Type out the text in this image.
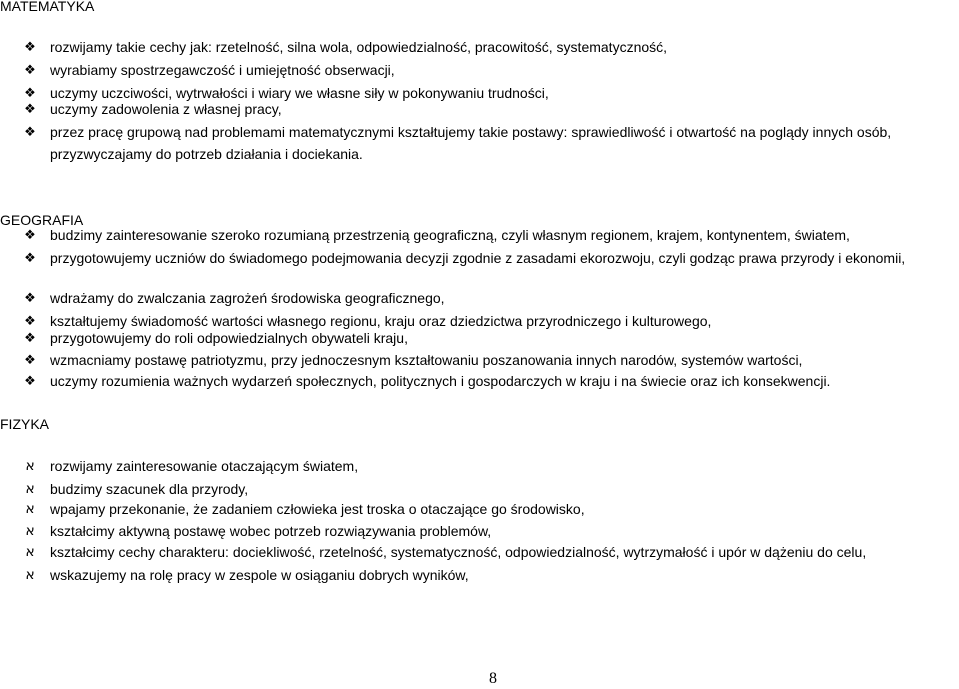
MATEMATYKA
❖ rozwijamy takie cechy jak: rzetelność, silna wola, odpowiedzialność, pracowitość, systematyczność,
❖ wyrabiamy spostrzegawczość i umiejętność obserwacji,
❖ uczymy uczciwości, wytrwałości i wiary we własne siły w pokonywaniu trudności,
❖ uczymy zadowolenia z własnej pracy,
❖ przez pracę grupową nad problemami matematycznymi kształtujemy takie postawy: sprawiedliwość i otwartość na poglądy innych osób, przyzwyczajamy do potrzeb działania i dociekania.
GEOGRAFIA
❖ budzimy zainteresowanie szeroko rozumianą przestrzenią geograficzną, czyli własnym regionem, krajem, kontynentem, światem,
❖ przygotowujemy uczniów do świadomego podejmowania decyzji zgodnie z zasadami ekorozwoju, czyli godząc prawa przyrody i ekonomii,
❖ wdrażamy do zwalczania zagrożeń środowiska geograficznego,
❖ kształtujemy świadomość wartości własnego regionu, kraju oraz dziedzictwa przyrodniczego i kulturowego,
❖ przygotowujemy do roli odpowiedzialnych obywateli kraju,
❖ wzmacniamy postawę patriotyzmu, przy jednoczesnym kształtowaniu poszanowania innych narodów, systemów wartości,
❖ uczymy rozumienia ważnych wydarzeń społecznych, politycznych i gospodarczych w kraju i na świecie oraz ich konsekwencji.
FIZYKA
א rozwijamy zainteresowanie otaczającym światem,
א budzimy szacunek dla przyrody,
א wpajamy przekonanie, że zadaniem człowieka jest troska o otaczające go środowisko,
א kształcimy aktywną postawę wobec potrzeb rozwiązywania problemów,
א kształcimy cechy charakteru: dociekliwość, rzetelność, systematyczność, odpowiedzialność, wytrzymałość i upór w dążeniu do celu,
א wskazujemy na rolę pracy w zespole w osiąganiu dobrych wyników,
8
